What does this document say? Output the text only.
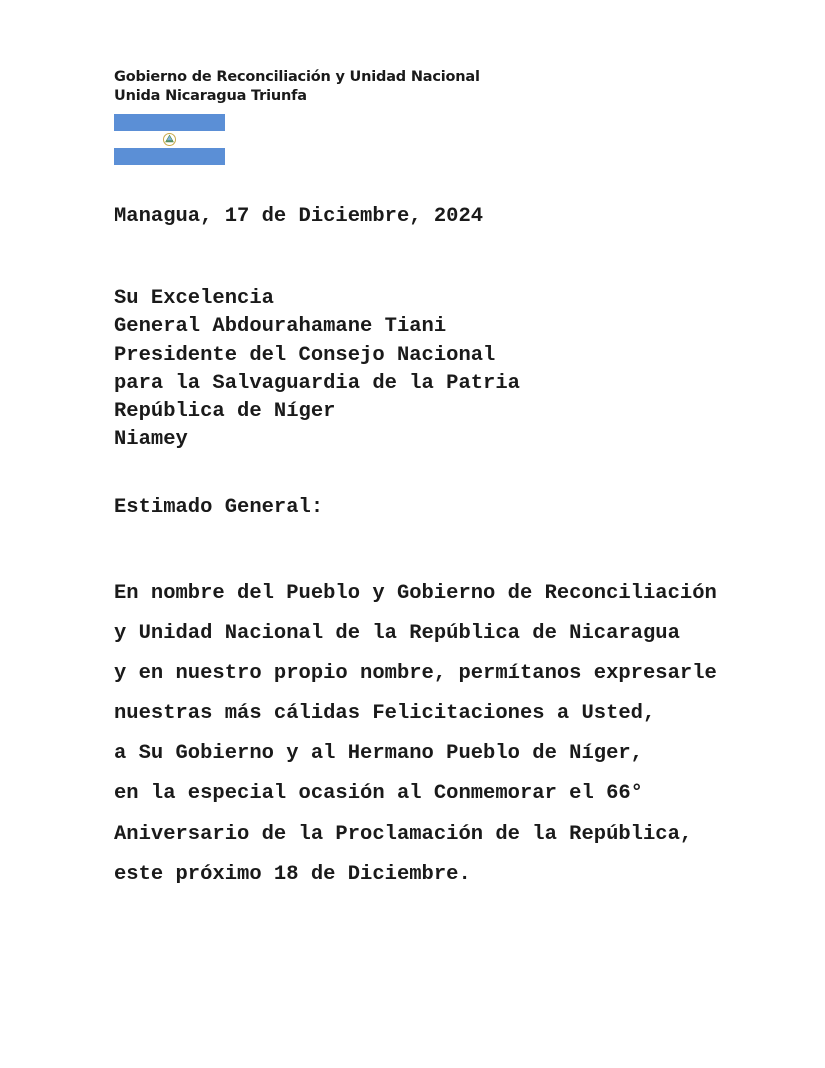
Gobierno de Reconciliación y Unidad Nacional
Unida Nicaragua Triunfa
Managua, 17 de Diciembre, 2024
Su Excelencia
General Abdourahamane Tiani
Presidente del Consejo Nacional
para la Salvaguardia de la Patria
República de Níger
Niamey
Estimado General:
En nombre del Pueblo y Gobierno de Reconciliación
y Unidad Nacional de la República de Nicaragua
y en nuestro propio nombre, permítanos expresarle
nuestras más cálidas Felicitaciones a Usted,
a Su Gobierno y al Hermano Pueblo de Níger,
en la especial ocasión al Conmemorar el 66°
Aniversario de la Proclamación de la República,
este próximo 18 de Diciembre.
